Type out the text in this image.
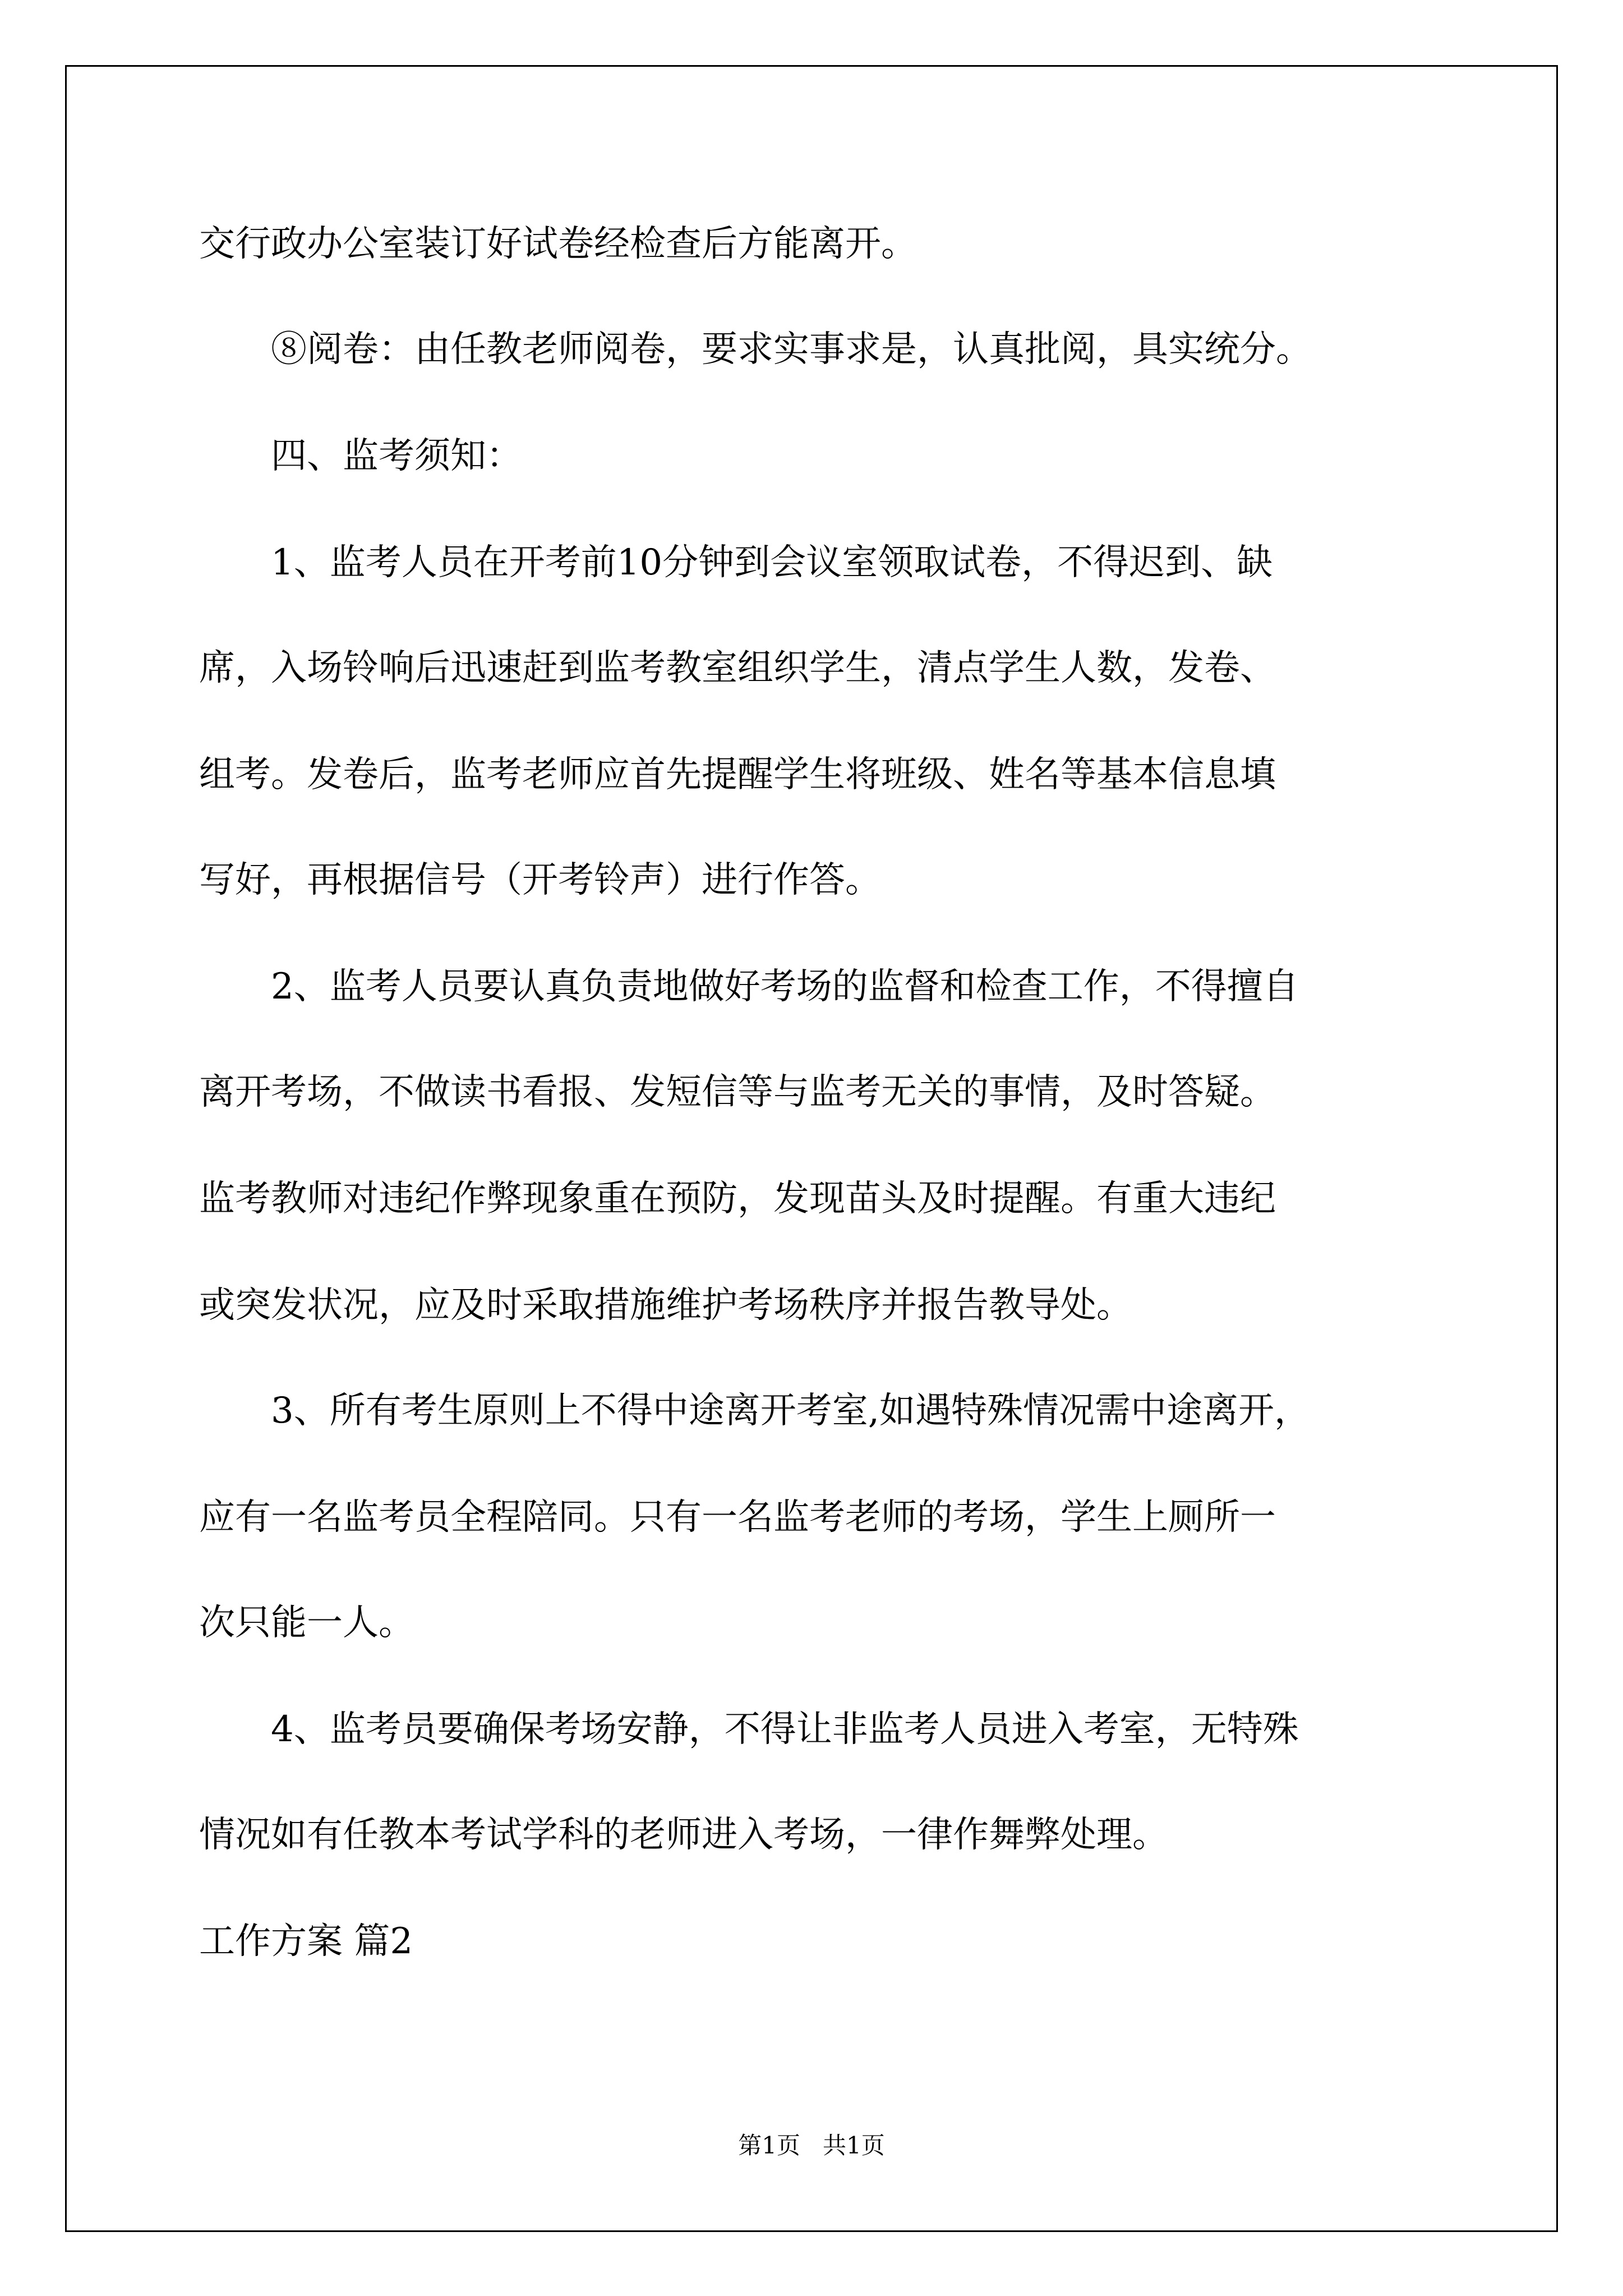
交行政办公室装订好试卷经检查后方能离开。

　　⑧阅卷：由任教老师阅卷，要求实事求是，认真批阅，具实统分。

　　四、监考须知：

　　1、监考人员在开考前10分钟到会议室领取试卷，不得迟到、缺

席，入场铃响后迅速赶到监考教室组织学生，清点学生人数，发卷、

组考。发卷后，监考老师应首先提醒学生将班级、姓名等基本信息填

写好，再根据信号（开考铃声）进行作答。

　　2、监考人员要认真负责地做好考场的监督和检查工作，不得擅自

离开考场，不做读书看报、发短信等与监考无关的事情，及时答疑。

监考教师对违纪作弊现象重在预防，发现苗头及时提醒。有重大违纪

或突发状况，应及时采取措施维护考场秩序并报告教导处。

　　3、所有考生原则上不得中途离开考室,如遇特殊情况需中途离开，

应有一名监考员全程陪同。只有一名监考老师的考场，学生上厕所一

次只能一人。

　　4、监考员要确保考场安静，不得让非监考人员进入考室，无特殊

情况如有任教本考试学科的老师进入考场，一律作舞弊处理。

工作方案 篇2

第1页   共1页
